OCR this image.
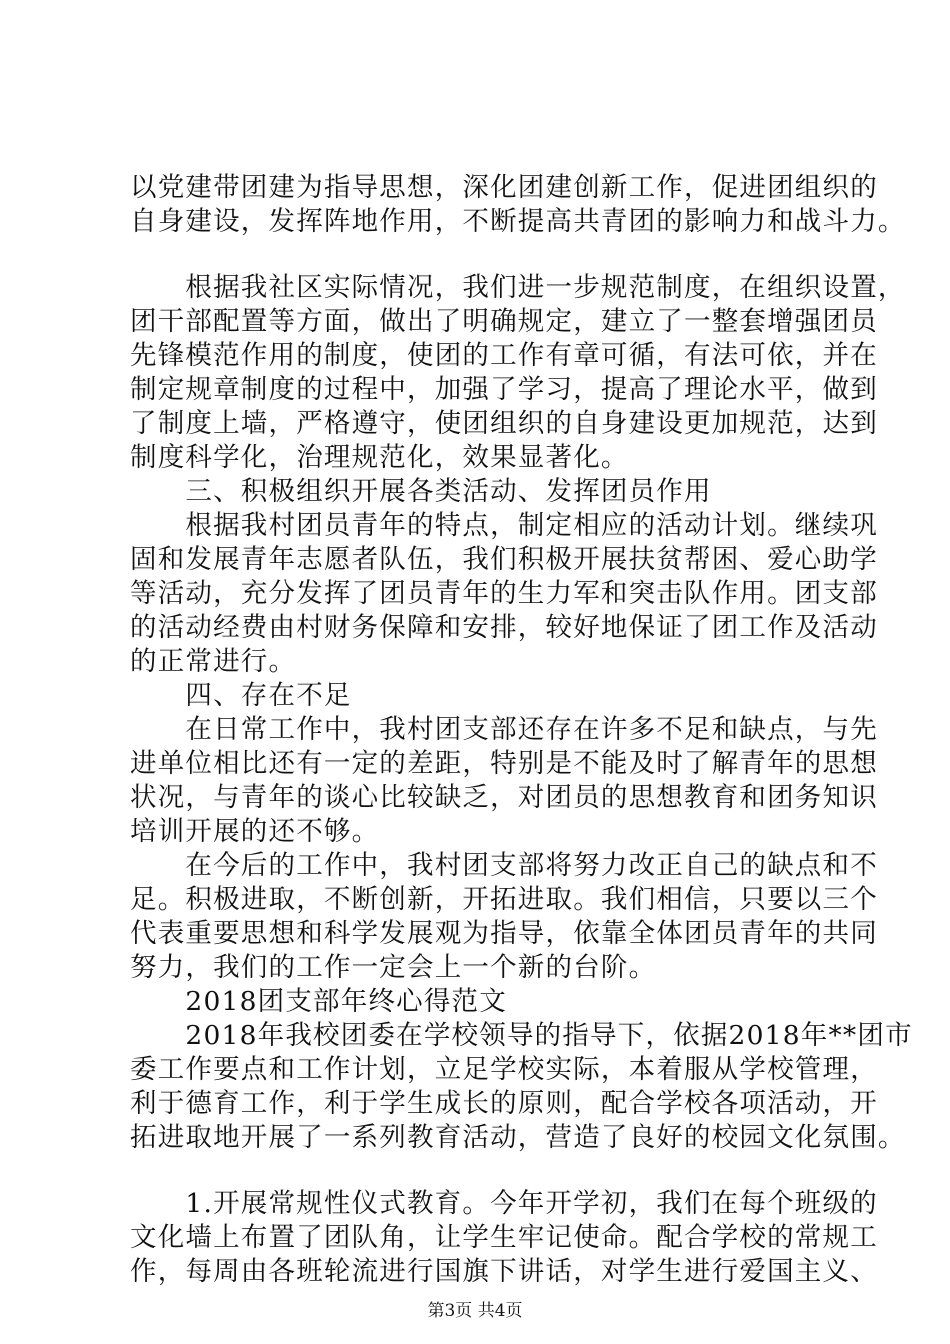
以党建带团建为指导思想，深化团建创新工作，促进团组织的
自身建设，发挥阵地作用，不断提高共青团的影响力和战斗力。
　　根据我社区实际情况，我们进一步规范制度，在组织设置，
团干部配置等方面，做出了明确规定，建立了一整套增强团员
先锋模范作用的制度，使团的工作有章可循，有法可依，并在
制定规章制度的过程中，加强了学习，提高了理论水平，做到
了制度上墙，严格遵守，使团组织的自身建设更加规范，达到
制度科学化，治理规范化，效果显著化。
　　三、积极组织开展各类活动、发挥团员作用
　　根据我村团员青年的特点，制定相应的活动计划。继续巩
固和发展青年志愿者队伍，我们积极开展扶贫帮困、爱心助学
等活动，充分发挥了团员青年的生力军和突击队作用。团支部
的活动经费由村财务保障和安排，较好地保证了团工作及活动
的正常进行。
　　四、存在不足
　　在日常工作中，我村团支部还存在许多不足和缺点，与先
进单位相比还有一定的差距，特别是不能及时了解青年的思想
状况，与青年的谈心比较缺乏，对团员的思想教育和团务知识
培训开展的还不够。
　　在今后的工作中，我村团支部将努力改正自己的缺点和不
足。积极进取，不断创新，开拓进取。我们相信，只要以三个
代表重要思想和科学发展观为指导，依靠全体团员青年的共同
努力，我们的工作一定会上一个新的台阶。
　　2018团支部年终心得范文
　　2018年我校团委在学校领导的指导下，依据2018年**团市
委工作要点和工作计划，立足学校实际，本着服从学校管理，
利于德育工作，利于学生成长的原则，配合学校各项活动，开
拓进取地开展了一系列教育活动，营造了良好的校园文化氛围。
　　1.开展常规性仪式教育。今年开学初，我们在每个班级的
文化墙上布置了团队角，让学生牢记使命。配合学校的常规工
作，每周由各班轮流进行国旗下讲话，对学生进行爱国主义、
第3页 共4页
